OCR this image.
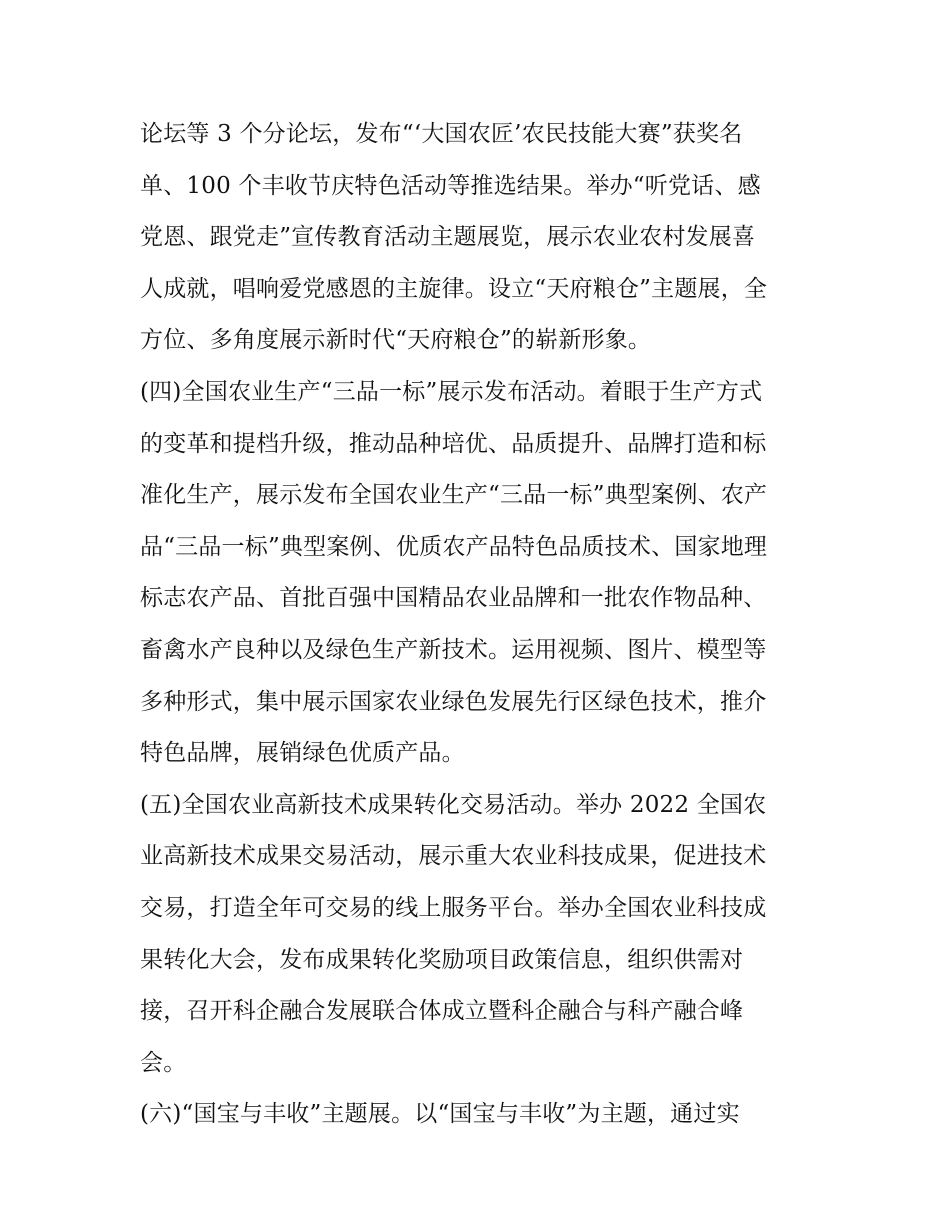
论坛等 3 个分论坛，发布“‘大国农匠’农民技能大赛”获奖名
单、100 个丰收节庆特色活动等推选结果。举办“听党话、感
党恩、跟党走”宣传教育活动主题展览，展示农业农村发展喜
人成就，唱响爱党感恩的主旋律。设立“天府粮仓”主题展，全
方位、多角度展示新时代“天府粮仓”的崭新形象。
(四)全国农业生产“三品一标”展示发布活动。着眼于生产方式
的变革和提档升级，推动品种培优、品质提升、品牌打造和标
准化生产，展示发布全国农业生产“三品一标”典型案例、农产
品“三品一标”典型案例、优质农产品特色品质技术、国家地理
标志农产品、首批百强中国精品农业品牌和一批农作物品种、
畜禽水产良种以及绿色生产新技术。运用视频、图片、模型等
多种形式，集中展示国家农业绿色发展先行区绿色技术，推介
特色品牌，展销绿色优质产品。
(五)全国农业高新技术成果转化交易活动。举办 2022 全国农
业高新技术成果交易活动，展示重大农业科技成果，促进技术
交易，打造全年可交易的线上服务平台。举办全国农业科技成
果转化大会，发布成果转化奖励项目政策信息，组织供需对
接，召开科企融合发展联合体成立暨科企融合与科产融合峰
会。
(六)“国宝与丰收”主题展。以“国宝与丰收”为主题，通过实
